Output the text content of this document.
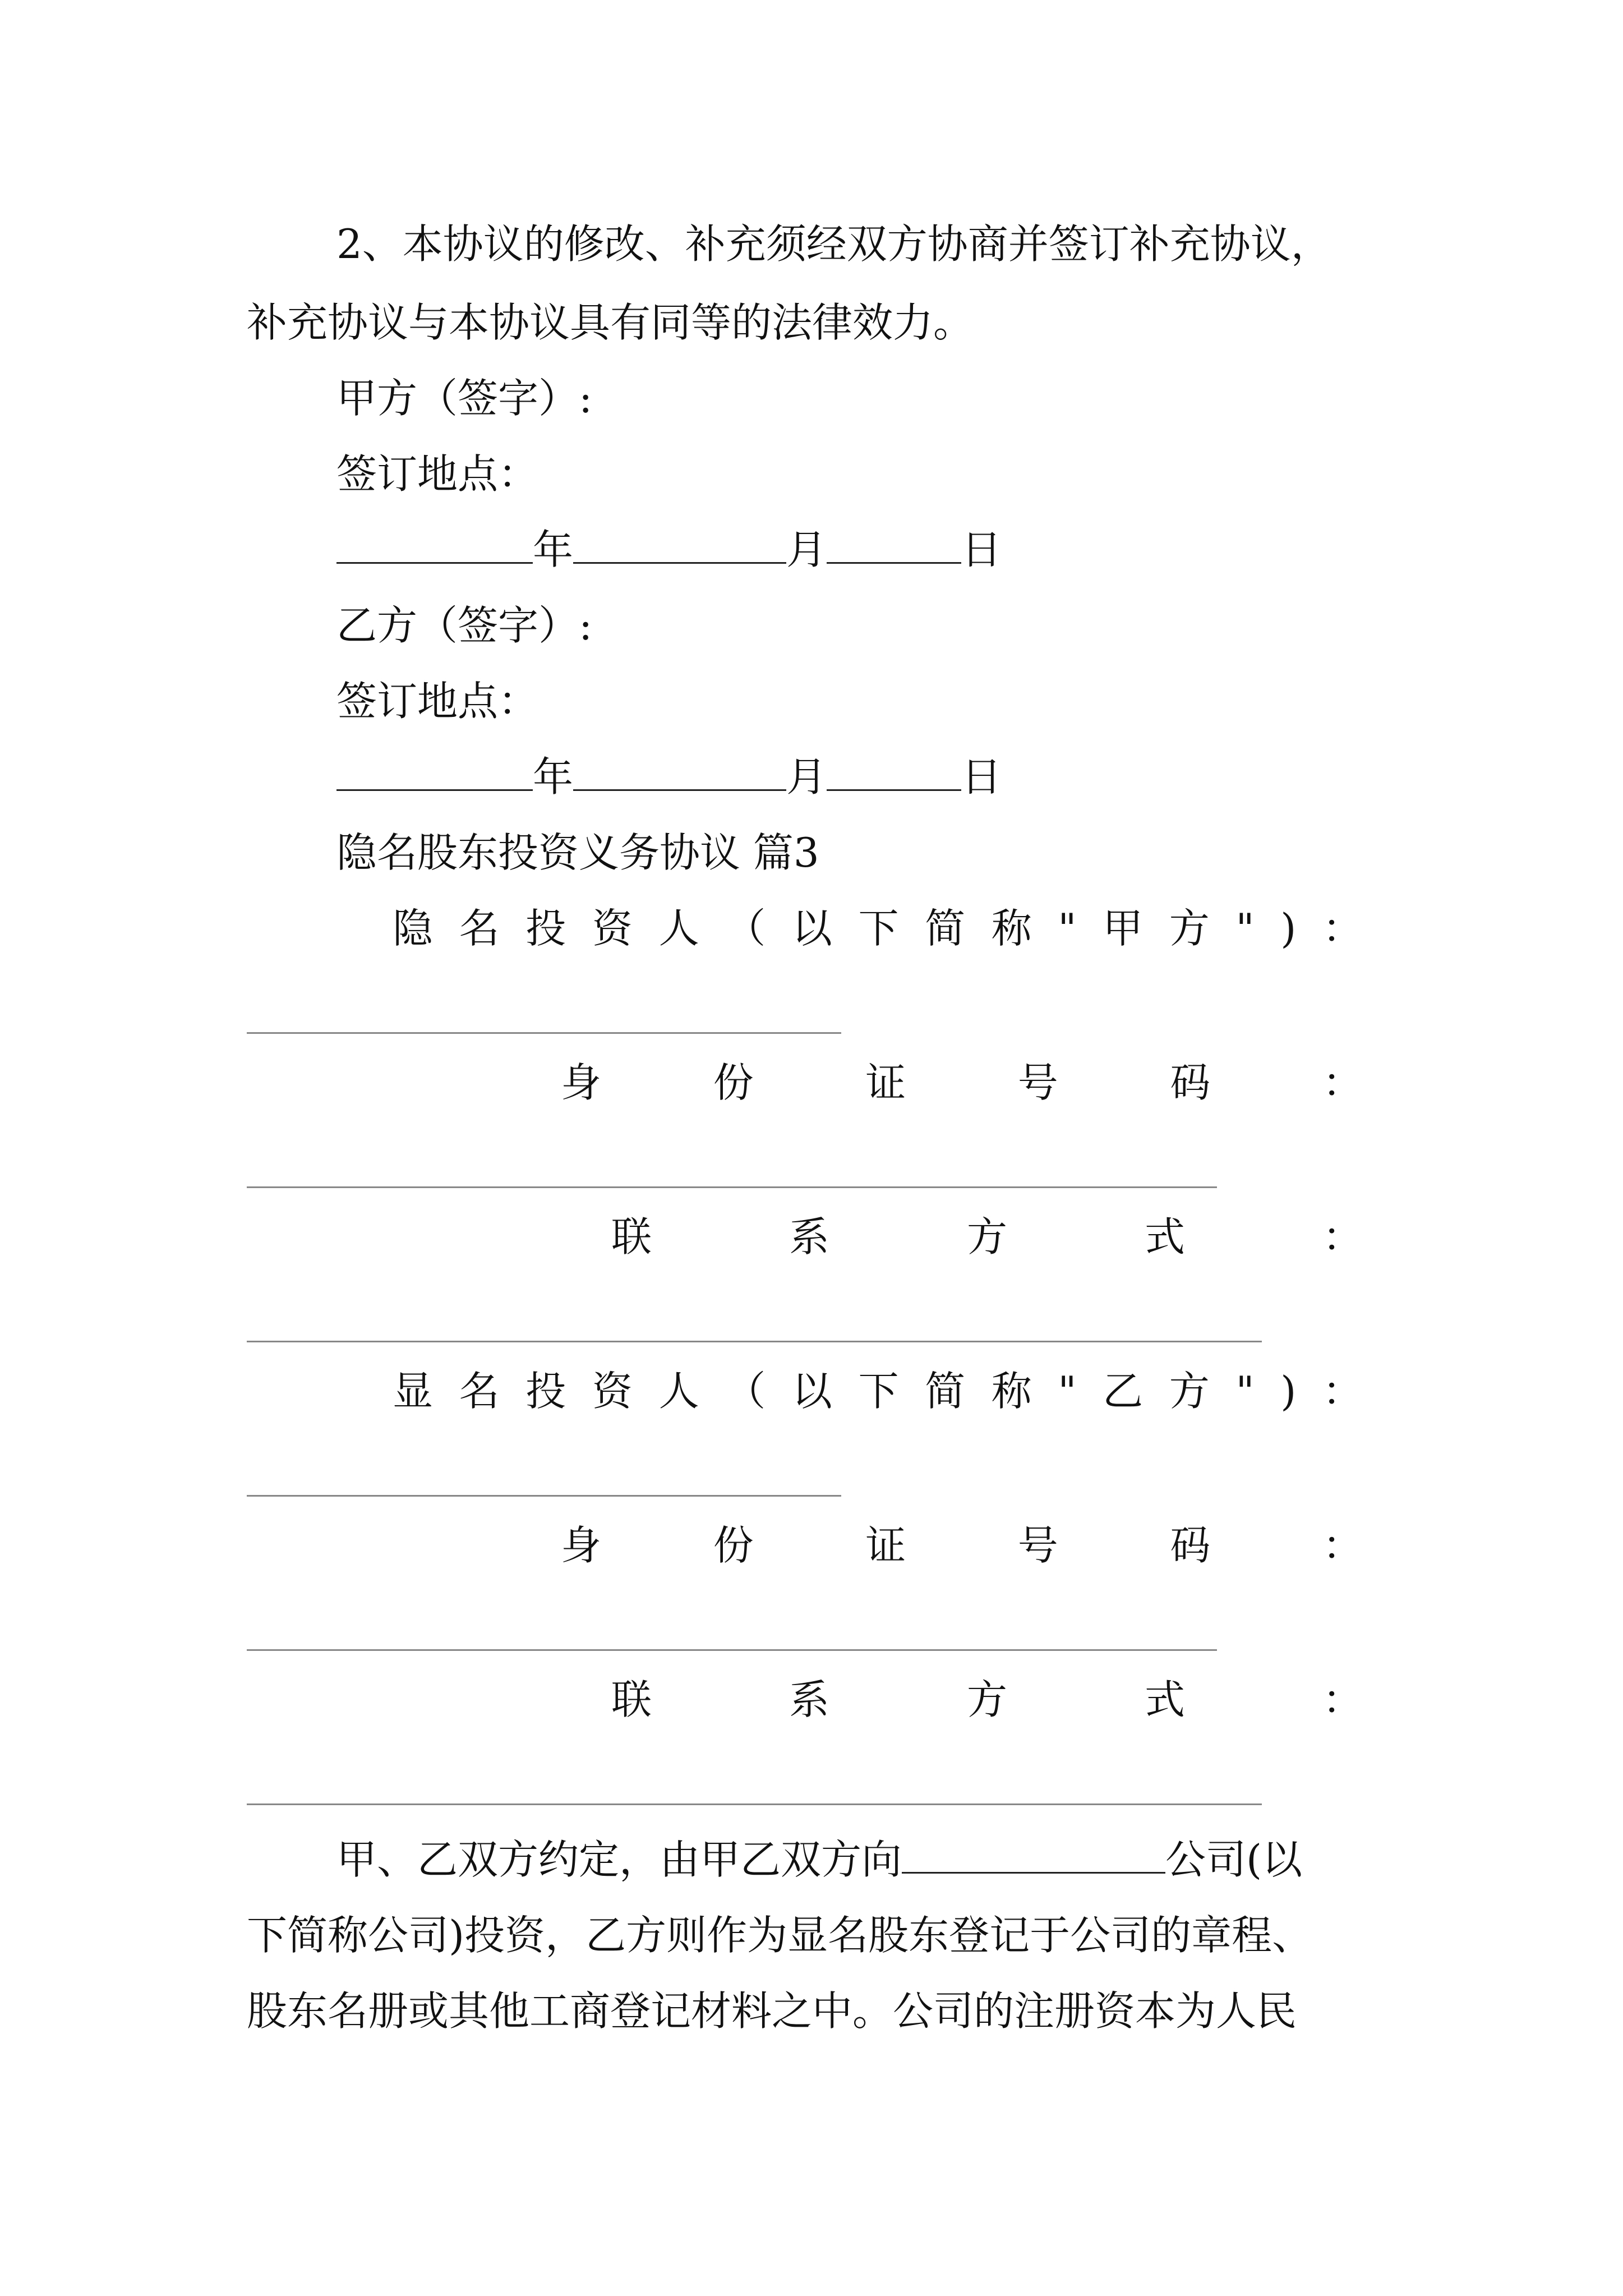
2、本协议的修改、补充须经双方协商并签订补充协议，
补充协议与本协议具有同等的法律效力。
甲方（签字）:
签订地点：
年	月	日
乙方（签字）:
签订地点：
年	月	日
隐名股东投资义务协议 篇3
隐 名 投 资 人 （ 以 下 简 称 " 甲 方 " ) ：
身	份	证	号	码	：
联	系	方	式	：
显 名 投 资 人 （ 以 下 简 称 " 乙 方 " ) ：
身	份	证	号	码	：
联	系	方	式	：
甲、乙双方约定，由甲乙双方向	公司(以
下简称公司)投资，乙方则作为显名股东登记于公司的章程、
股东名册或其他工商登记材料之中。公司的注册资本为人民
